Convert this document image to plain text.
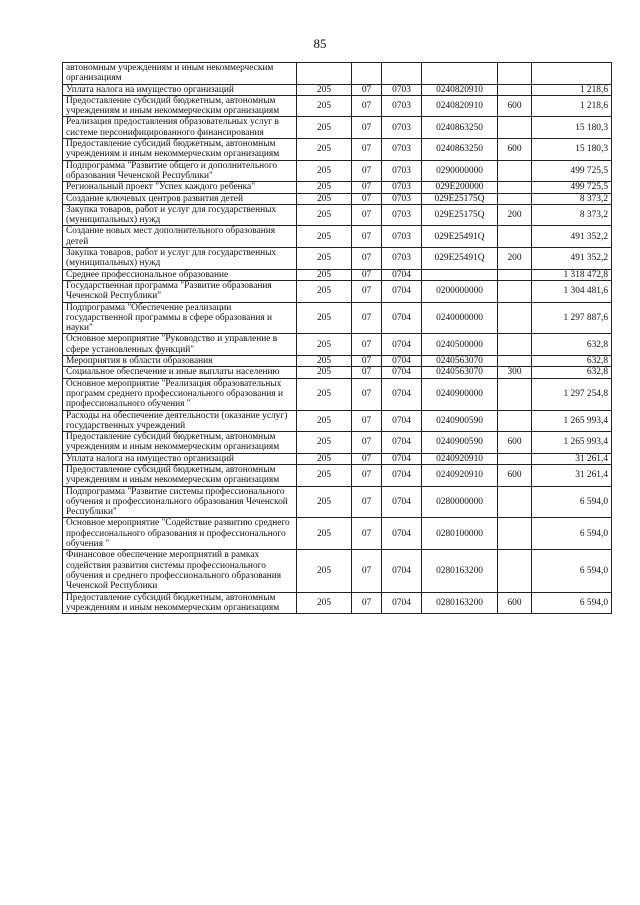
85
автономным учреждениям и иным некоммерческим организациям						
Уплата налога на имущество организаций	205	07	0703	0240820910		1 218,6
Предоставление субсидий бюджетным, автономным учреждениям и иным некоммерческим организациям	205	07	0703	0240820910	600	1 218,6
Реализация предоставления образовательных услуг в системе персонифицированного финансирования	205	07	0703	0240863250		15 180,3
Предоставление субсидий бюджетным, автономным учреждениям и иным некоммерческим организациям	205	07	0703	0240863250	600	15 180,3
Подпрограмма "Развитие общего и дополнительного образования Чеченской Республики"	205	07	0703	0290000000		499 725,5
Региональный проект "Успех каждого ребенка"	205	07	0703	029E200000		499 725,5
Создание ключевых центров развития детей	205	07	0703	029E25175Q		8 373,2
Закупка товаров, работ и услуг для государственных (муниципальных) нужд	205	07	0703	029E25175Q	200	8 373,2
Создание новых мест дополнительного образования детей	205	07	0703	029E25491Q		491 352,2
Закупка товаров, работ и услуг для государственных (муниципальных) нужд	205	07	0703	029E25491Q	200	491 352,2
Среднее профессиональное образование	205	07	0704			1 318 472,8
Государственная программа "Развитие образования Чеченской Республики"	205	07	0704	0200000000		1 304 481,6
Подпрограмма "Обеспечение реализации государственной программы в сфере образования и науки"	205	07	0704	0240000000		1 297 887,6
Основное мероприятие "Руководство и управление в сфере установленных функций"	205	07	0704	0240500000		632,8
Мероприятия в области образования	205	07	0704	0240563070		632,8
Социальное обеспечение и иные выплаты населению	205	07	0704	0240563070	300	632,8
Основное мероприятие "Реализация образовательных программ среднего профессионального образования и профессионального обучения "	205	07	0704	0240900000		1 297 254,8
Расходы на обеспечение деятельности (оказание услуг) государственных учреждений	205	07	0704	0240900590		1 265 993,4
Предоставление субсидий бюджетным, автономным учреждениям и иным некоммерческим организациям	205	07	0704	0240900590	600	1 265 993,4
Уплата налога на имущество организаций	205	07	0704	0240920910		31 261,4
Предоставление субсидий бюджетным, автономным учреждениям и иным некоммерческим организациям	205	07	0704	0240920910	600	31 261,4
Подпрограмма "Развитие системы профессионального обучения и профессионального образования Чеченской Республики"	205	07	0704	0280000000		6 594,0
Основное мероприятие "Содействие развитию среднего профессионального образования и профессионального обучения "	205	07	0704	0280100000		6 594,0
Финансовое обеспечение мероприятий в рамках содействия развития системы профессионального обучения и среднего профессионального образования Чеченской Республики	205	07	0704	0280163200		6 594,0
Предоставление субсидий бюджетным, автономным учреждениям и иным некоммерческим организациям	205	07	0704	0280163200	600	6 594,0
